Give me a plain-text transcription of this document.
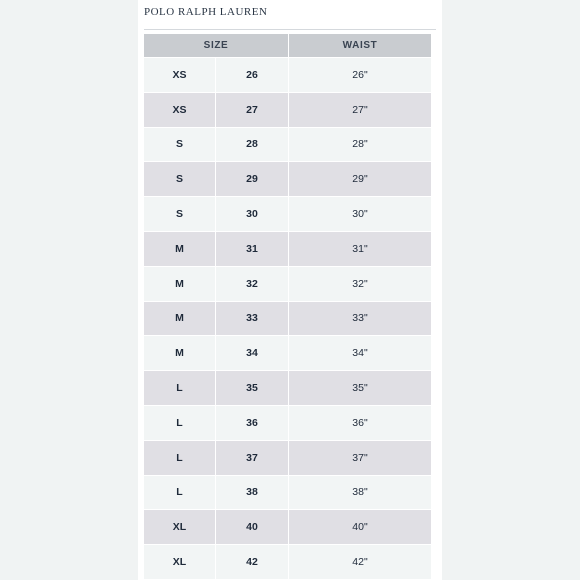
POLO RALPH LAUREN
SIZE	WAIST
XS	26	26"
XS	27	27"
S	28	28"
S	29	29"
S	30	30"
M	31	31"
M	32	32"
M	33	33"
M	34	34"
L	35	35"
L	36	36"
L	37	37"
L	38	38"
XL	40	40"
XL	42	42"
